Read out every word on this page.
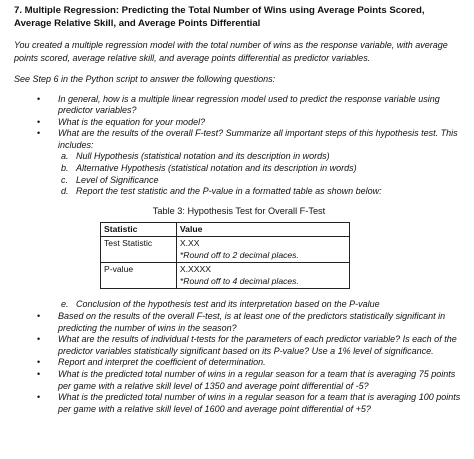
7. Multiple Regression: Predicting the Total Number of Wins using Average Points Scored, Average Relative Skill, and Average Points Differential
You created a multiple regression model with the total number of wins as the response variable, with average points scored, average relative skill, and average points differential as predictor variables.
See Step 6 in the Python script to answer the following questions:
• In general, how is a multiple linear regression model used to predict the response variable using predictor variables?
• What is the equation for your model?
• What are the results of the overall F-test? Summarize all important steps of this hypothesis test. This includes:
a. Null Hypothesis (statistical notation and its description in words)
b. Alternative Hypothesis (statistical notation and its description in words)
c. Level of Significance
d. Report the test statistic and the P-value in a formatted table as shown below:
Table 3: Hypothesis Test for Overall F-Test
Statistic	Value
Test Statistic	X.XX
*Round off to 2 decimal places.

P-value	X.XXXX
*Round off to 4 decimal places.
e. Conclusion of the hypothesis test and its interpretation based on the P-value
• Based on the results of the overall F-test, is at least one of the predictors statistically significant in predicting the number of wins in the season?
• What are the results of individual t-tests for the parameters of each predictor variable? Is each of the predictor variables statistically significant based on its P-value? Use a 1% level of significance.
• Report and interpret the coefficient of determination.
• What is the predicted total number of wins in a regular season for a team that is averaging 75 points per game with a relative skill level of 1350 and average point differential of -5?
• What is the predicted total number of wins in a regular season for a team that is averaging 100 points per game with a relative skill level of 1600 and average point differential of +5?
